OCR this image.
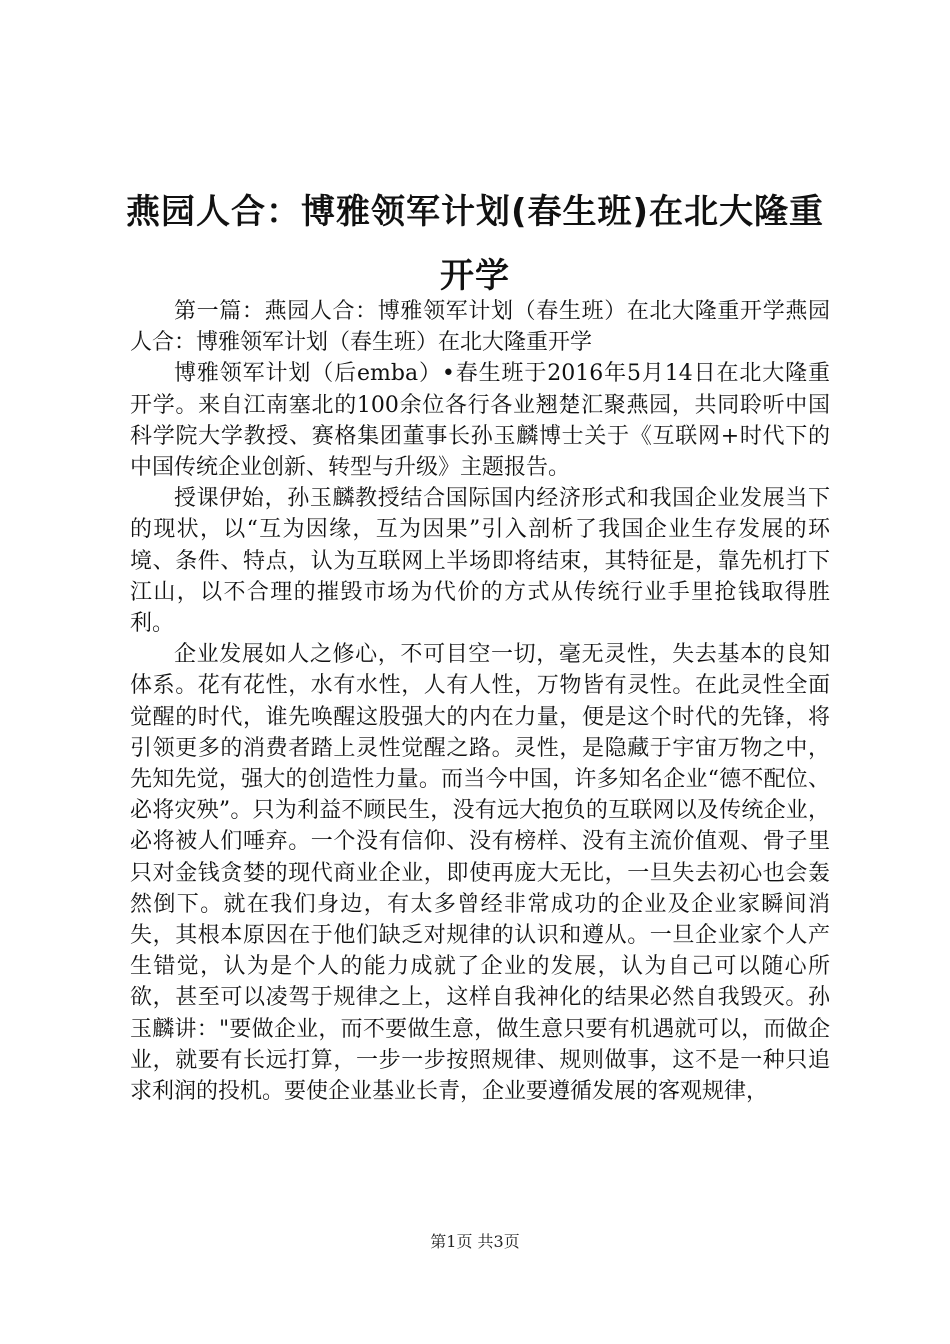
燕园人合：博雅领军计划(春生班)在北大隆重开学

第一篇：燕园人合：博雅领军计划（春生班）在北大隆重开学燕园人合：博雅领军计划（春生班）在北大隆重开学

博雅领军计划（后emba）•春生班于2016年5月14日在北大隆重开学。来自江南塞北的100余位各行各业翘楚汇聚燕园，共同聆听中国科学院大学教授、赛格集团董事长孙玉麟博士关于《互联网+时代下的中国传统企业创新、转型与升级》主题报告。

授课伊始，孙玉麟教授结合国际国内经济形式和我国企业发展当下的现状，以“互为因缘，互为因果”引入剖析了我国企业生存发展的环境、条件、特点，认为互联网上半场即将结束，其特征是，靠先机打下江山，以不合理的摧毁市场为代价的方式从传统行业手里抢钱取得胜利。

企业发展如人之修心，不可目空一切，毫无灵性，失去基本的良知体系。花有花性，水有水性，人有人性，万物皆有灵性。在此灵性全面觉醒的时代，谁先唤醒这股强大的内在力量，便是这个时代的先锋，将引领更多的消费者踏上灵性觉醒之路。灵性，是隐藏于宇宙万物之中，先知先觉，强大的创造性力量。而当今中国，许多知名企业“德不配位、必将灾殃”。只为利益不顾民生，没有远大抱负的互联网以及传统企业，必将被人们唾弃。一个没有信仰、没有榜样、没有主流价值观、骨子里只对金钱贪婪的现代商业企业，即使再庞大无比，一旦失去初心也会轰然倒下。就在我们身边，有太多曾经非常成功的企业及企业家瞬间消失，其根本原因在于他们缺乏对规律的认识和遵从。一旦企业家个人产生错觉，认为是个人的能力成就了企业的发展，认为自己可以随心所欲，甚至可以凌驾于规律之上，这样自我神化的结果必然自我毁灭。孙玉麟讲："要做企业，而不要做生意，做生意只要有机遇就可以，而做企业，就要有长远打算，一步一步按照规律、规则做事，这不是一种只追求利润的投机。要使企业基业长青，企业要遵循发展的客观规律，

第1页 共3页
